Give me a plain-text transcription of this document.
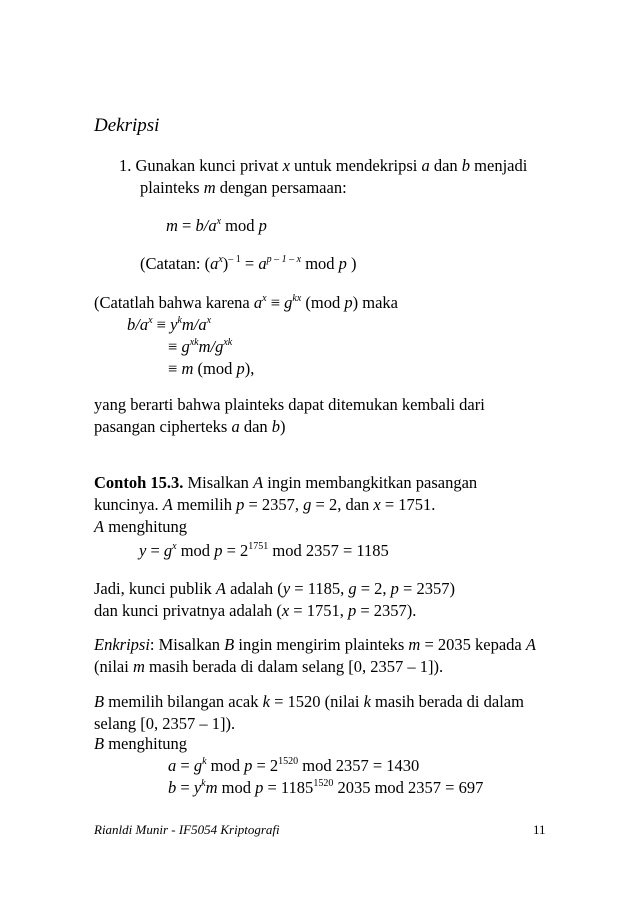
Dekripsi
1. Gunakan kunci privat x untuk mendekripsi a dan b menjadi
plainteks m dengan persamaan:
$m = b/a^x$ mod p
(Catatan: $(a^x)^{- 1} = a^{p - 1 - x}$ mod p )
(Catatlah bahwa karena $a^x \equiv g^{kx}$ (mod p) maka
$b/a^x \equiv y^km/a^x$
≡ $g^{xk}m/g^{xk}$
≡ m (mod p),
yang berarti bahwa plainteks dapat ditemukan kembali dari
pasangan cipherteks a dan b)
Contoh 15.3. Misalkan A ingin membangkitkan pasangan
kuncinya. A memilih p = 2357, g = 2, dan x = 1751.
A menghitung
$y = g^x$ mod $p = 2^{1751}$ mod 2357 = 1185
Jadi, kunci publik A adalah (y = 1185, g = 2, p = 2357)
dan kunci privatnya adalah (x = 1751, p = 2357).
Enkripsi: Misalkan B ingin mengirim plainteks m = 2035 kepada A
(nilai m masih berada di dalam selang [0, 2357 – 1]).
B memilih bilangan acak k = 1520 (nilai k masih berada di dalam
selang [0, 2357 – 1]).
B menghitung
$a = g^k$ mod $p = 2^{1520}$ mod 2357 = 1430
$b = y^km$ mod $p = 1185^{1520}$ 2035 mod 2357 = 697
Rianldi Munir - IF5054 Kriptografi	11
